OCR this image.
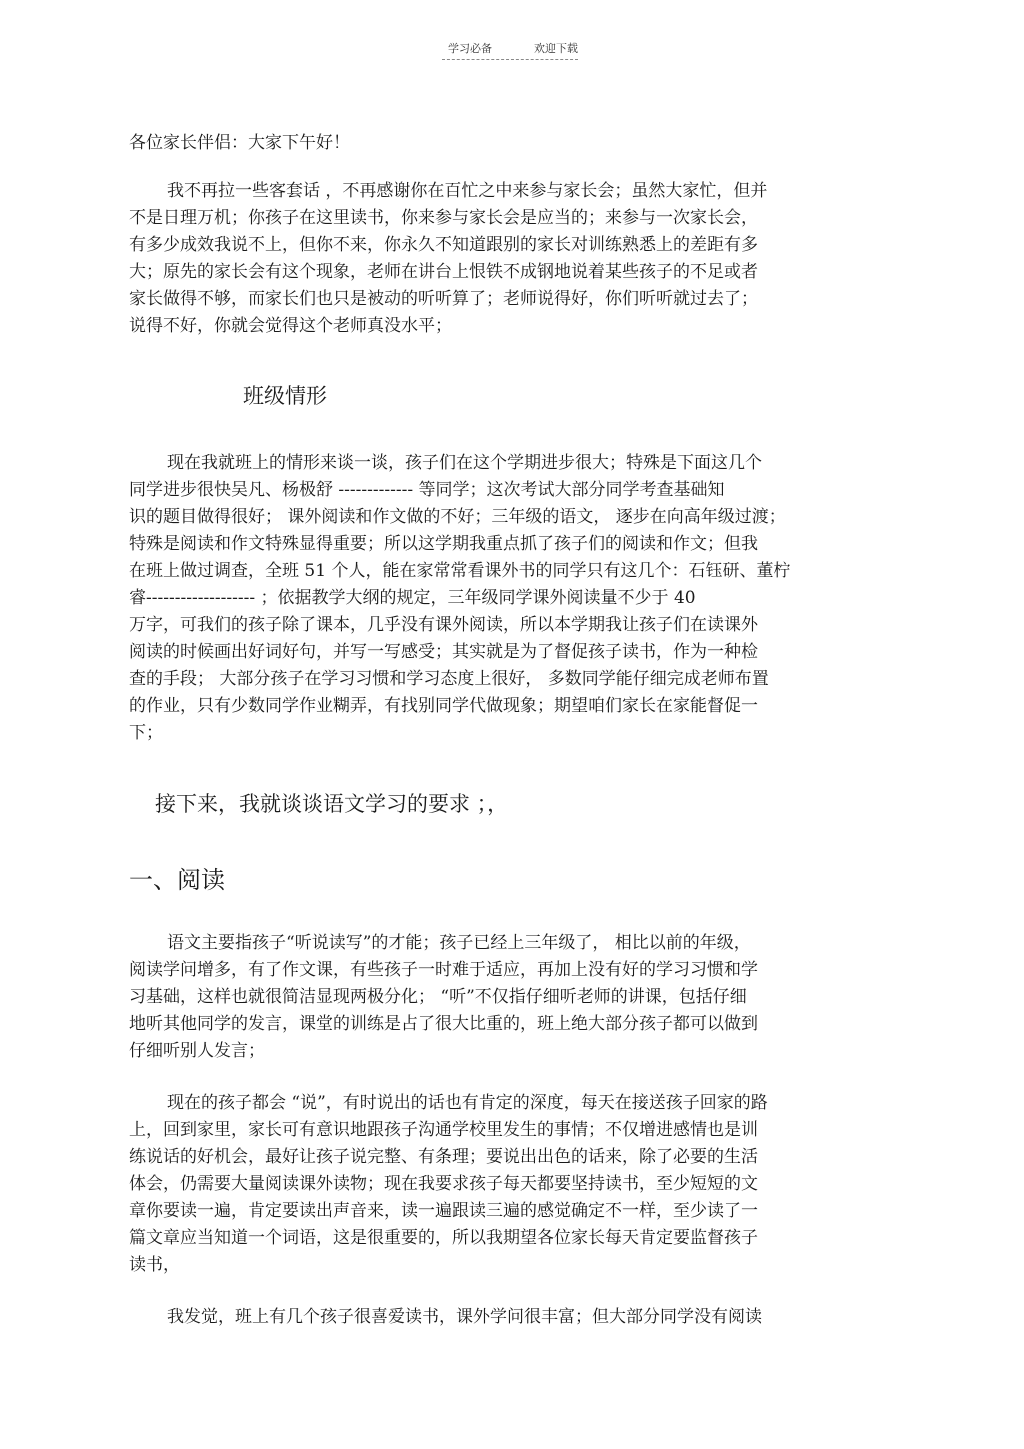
学习必备	欢迎下载

各位家长伴侣：大家下午好！

我不再拉一些客套话 ，不再感谢你在百忙之中来参与家长会；虽然大家忙，但并

不是日理万机；你孩子在这里读书，你来参与家长会是应当的；来参与一次家长会，

有多少成效我说不上，但你不来，你永久不知道跟别的家长对训练熟悉上的差距有多

大；原先的家长会有这个现象，老师在讲台上恨铁不成钢地说着某些孩子的不足或者

家长做得不够，而家长们也只是被动的听听算了；老师说得好，你们听听就过去了；

说得不好，你就会觉得这个老师真没水平；

班级情形

现在我就班上的情形来谈一谈，孩子们在这个学期进步很大；特殊是下面这几个

同学进步很快吴凡、杨极舒 ------------- 等同学；这次考试大部分同学考查基础知

识的题目做得很好； 课外阅读和作文做的不好；三年级的语文， 逐步在向高年级过渡；

特殊是阅读和作文特殊显得重要；所以这学期我重点抓了孩子们的阅读和作文；但我

在班上做过调查，全班 51 个人，能在家常常看课外书的同学只有这几个：石钰研、董柠

睿------------------- ；依据教学大纲的规定，三年级同学课外阅读量不少于 40

万字，可我们的孩子除了课本，几乎没有课外阅读，所以本学期我让孩子们在读课外

阅读的时候画出好词好句，并写一写感受；其实就是为了督促孩子读书，作为一种检

查的手段； 大部分孩子在学习习惯和学习态度上很好， 多数同学能仔细完成老师布置

的作业，只有少数同学作业糊弄，有找别同学代做现象；期望咱们家长在家能督促一

下；

接下来，我就谈谈语文学习的要求 ；，
一、阅读

语文主要指孩子“听说读写”的才能；孩子已经上三年级了， 相比以前的年级，

阅读学问增多，有了作文课，有些孩子一时难于适应，再加上没有好的学习习惯和学

习基础，这样也就很简洁显现两极分化； “听”不仅指仔细听老师的讲课，包括仔细

地听其他同学的发言，课堂的训练是占了很大比重的，班上绝大部分孩子都可以做到

仔细听别人发言；

现在的孩子都会 “说”，有时说出的话也有肯定的深度，每天在接送孩子回家的路

上，回到家里，家长可有意识地跟孩子沟通学校里发生的事情；不仅增进感情也是训

练说话的好机会，最好让孩子说完整、有条理；要说出出色的话来，除了必要的生活

体会，仍需要大量阅读课外读物；现在我要求孩子每天都要坚持读书，至少短短的文

章你要读一遍，肯定要读出声音来，读一遍跟读三遍的感觉确定不一样，至少读了一

篇文章应当知道一个词语，这是很重要的，所以我期望各位家长每天肯定要监督孩子

读书，

我发觉，班上有几个孩子很喜爱读书，课外学问很丰富；但大部分同学没有阅读
